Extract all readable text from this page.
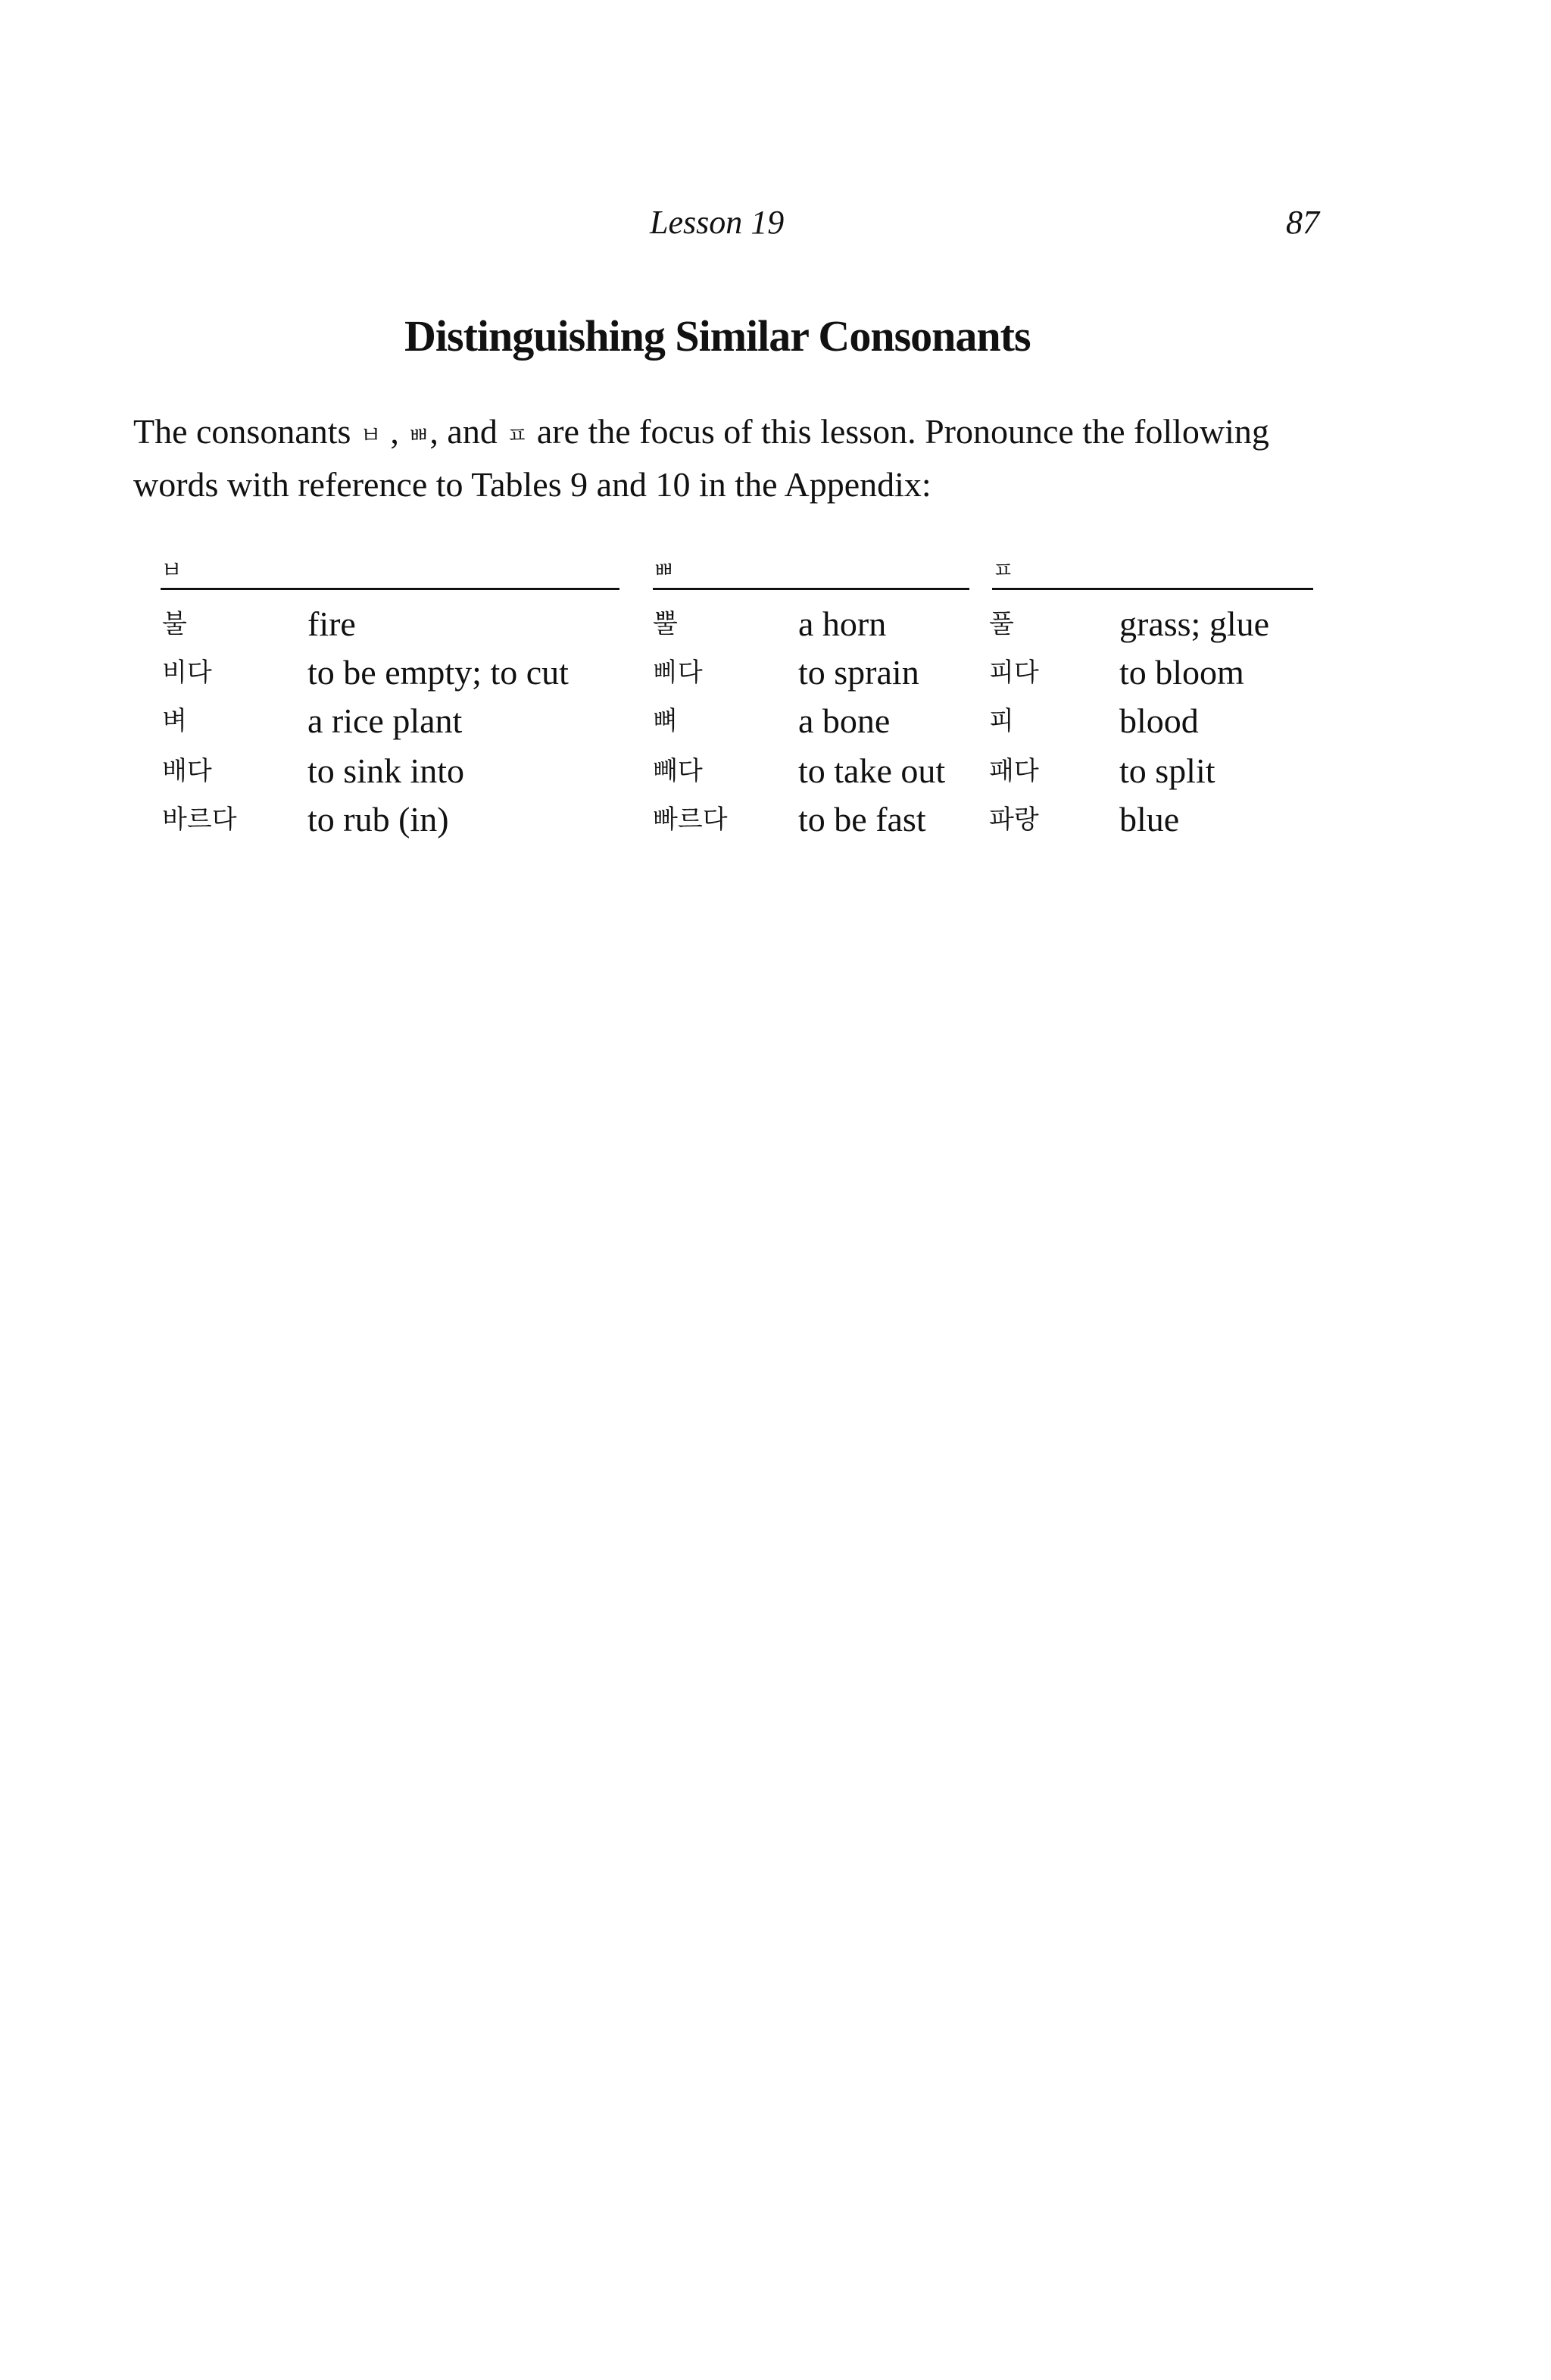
Lesson 19	87
Distinguishing Similar Consonants

The consonants ㅂ , ㅃ, and ㅍ are the focus of this lesson. Pronounce the following words with reference to Tables 9 and 10 in the Appendix:

ㅂ
불	fire
비다	to be empty; to cut
벼	a rice plant
배다	to sink into
바르다 to rub (in)
ㅃ
뿔	a horn
삐다	to sprain
뼈	a bone
빼다	to take out
빠르다 to be fast
ㅍ
풀	grass; glue
피다 to bloom
피	blood
패다 to split
파랑 blue
